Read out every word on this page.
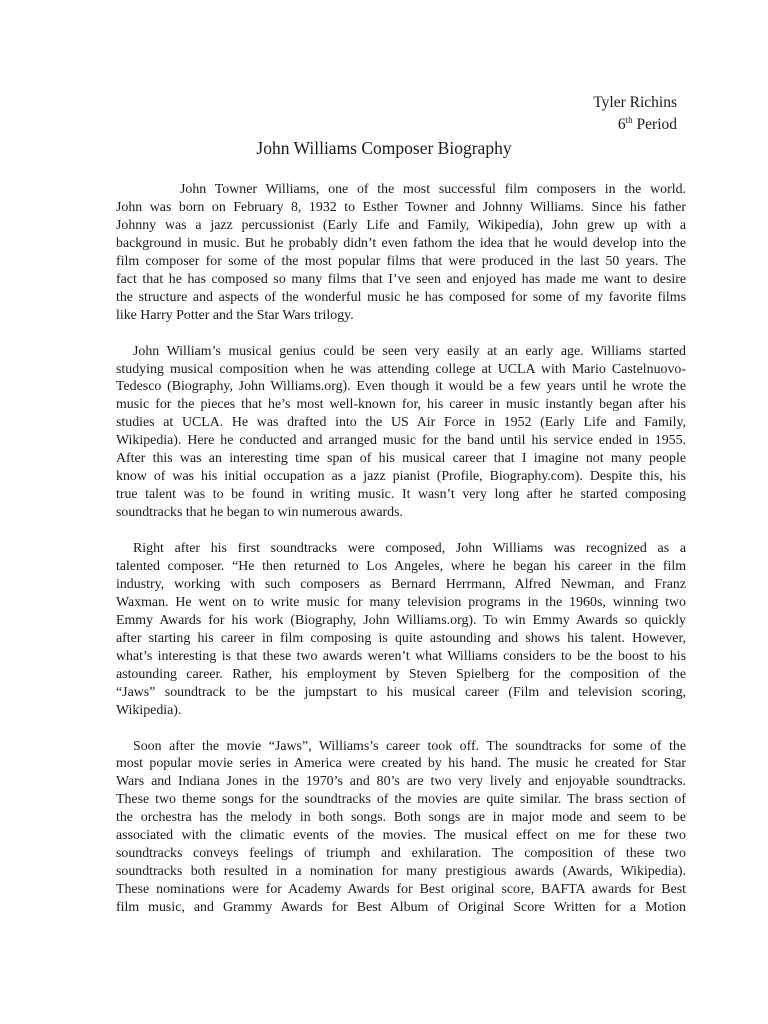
Tyler Richins
6th Period
John Williams Composer Biography

John Towner Williams, one of the most successful film composers in the world.
John was born on February 8, 1932 to Esther Towner and Johnny Williams. Since his father
Johnny was a jazz percussionist (Early Life and Family, Wikipedia), John grew up with a
background in music. But he probably didn’t even fathom the idea that he would develop into the
film composer for some of the most popular films that were produced in the last 50 years. The
fact that he has composed so many films that I’ve seen and enjoyed has made me want to desire
the structure and aspects of the wonderful music he has composed for some of my favorite films
like Harry Potter and the Star Wars trilogy.

John William’s musical genius could be seen very easily at an early age. Williams started
studying musical composition when he was attending college at UCLA with Mario Castelnuovo-
Tedesco (Biography, John Williams.org). Even though it would be a few years until he wrote the
music for the pieces that he’s most well-known for, his career in music instantly began after his
studies at UCLA. He was drafted into the US Air Force in 1952 (Early Life and Family,
Wikipedia). Here he conducted and arranged music for the band until his service ended in 1955.
After this was an interesting time span of his musical career that I imagine not many people
know of was his initial occupation as a jazz pianist (Profile, Biography.com). Despite this, his
true talent was to be found in writing music. It wasn’t very long after he started composing
soundtracks that he began to win numerous awards.

Right after his first soundtracks were composed, John Williams was recognized as a
talented composer. “He then returned to Los Angeles, where he began his career in the film
industry, working with such composers as Bernard Herrmann, Alfred Newman, and Franz
Waxman. He went on to write music for many television programs in the 1960s, winning two
Emmy Awards for his work (Biography, John Williams.org). To win Emmy Awards so quickly
after starting his career in film composing is quite astounding and shows his talent. However,
what’s interesting is that these two awards weren’t what Williams considers to be the boost to his
astounding career. Rather, his employment by Steven Spielberg for the composition of the
“Jaws” soundtrack to be the jumpstart to his musical career (Film and television scoring,
Wikipedia).

Soon after the movie “Jaws”, Williams’s career took off. The soundtracks for some of the
most popular movie series in America were created by his hand. The music he created for Star
Wars and Indiana Jones in the 1970’s and 80’s are two very lively and enjoyable soundtracks.
These two theme songs for the soundtracks of the movies are quite similar. The brass section of
the orchestra has the melody in both songs. Both songs are in major mode and seem to be
associated with the climatic events of the movies. The musical effect on me for these two
soundtracks conveys feelings of triumph and exhilaration. The composition of these two
soundtracks both resulted in a nomination for many prestigious awards (Awards, Wikipedia).
These nominations were for Academy Awards for Best original score, BAFTA awards for Best
film music, and Grammy Awards for Best Album of Original Score Written for a Motion
